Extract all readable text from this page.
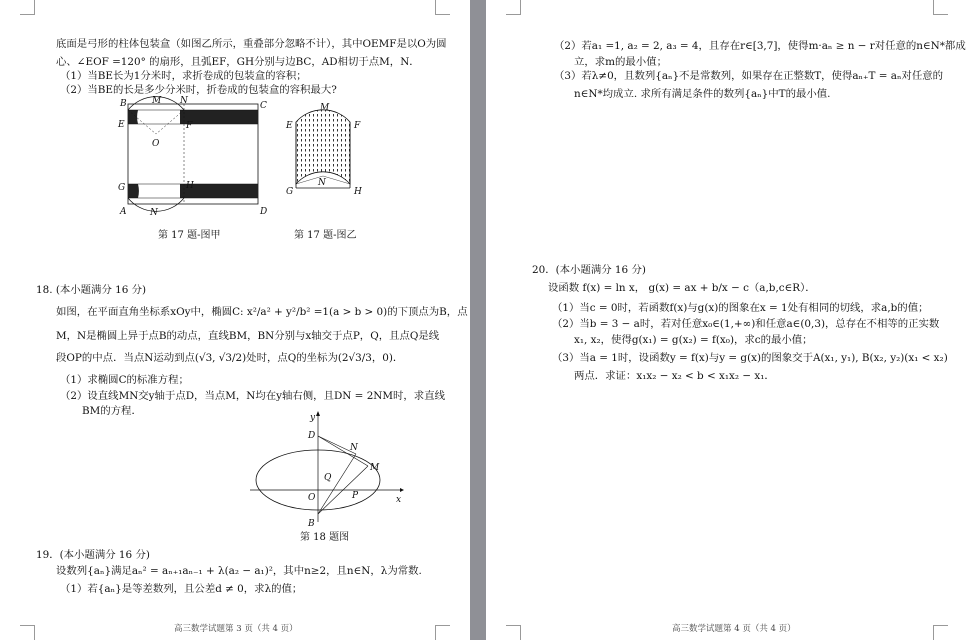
底面是弓形的柱体包装盒（如图乙所示，重叠部分忽略不计），其中OEMF是以O为圆
心、∠EOF =120° 的扇形，且弧EF，GH分别与边BC，AD相切于点M，N．
（1）当BE长为1分米时，求折卷成的包装盒的容积；
（2）当BE的长是多少分米时，折卷成的包装盒的容积最大?
B	M N	C
E	F
O
G	H
A	N	D
第 17 题-图甲
M
E	F
N
G	H
第 17 题-图乙
18. (本小题满分 16 分)
如图，在平面直角坐标系xOy中，椭圆C: x²/a² + y²/b² =1(a > b > 0)的下顶点为B，点
M，N是椭圆上异于点B的动点，直线BM，BN分别与x轴交于点P，Q，且点Q是线
段OP的中点．当点N运动到点(√3, √3/2)处时，点Q的坐标为(2√3/3，0)．
（1）求椭圆C的标准方程；
（2）设直线MN交y轴于点D，当点M，N均在y轴右侧，且DN = 2NM时，求直线
BM的方程．
y
D
N
M
Q
O	P	x
B
第 18 题图
19．(本小题满分 16 分)
设数列{aₙ}满足aₙ² = aₙ₊₁aₙ₋₁ + λ(a₂ − a₁)²，其中n≥2，且n∈N，λ为常数.
（1）若{aₙ}是等差数列，且公差d ≠ 0，求λ的值；
高三数学试题第 3 页（共 4 页）
（2）若a₁ =1, a₂ = 2, a₃ = 4，且存在r∈[3,7]，使得m·aₙ ≥ n − r对任意的n∈N*都成
立，求m的最小值；
（3）若λ≠0，且数列{aₙ}不是常数列，如果存在正整数T，使得aₙ₊T = aₙ对任意的
n∈N*均成立. 求所有满足条件的数列{aₙ}中T的最小值.
20．(本小题满分 16 分)
设函数 f(x) = ln x， g(x) = ax + b/x − c（a,b,c∈R）．
（1）当c = 0时，若函数f(x)与g(x)的图象在x = 1处有相同的切线，求a,b的值；
（2）当b = 3 − a时，若对任意x₀∈(1,+∞)和任意a∈(0,3)，总存在不相等的正实数
x₁, x₂，使得g(x₁) = g(x₂) = f(x₀)，求c的最小值；
（3）当a = 1时，设函数y = f(x)与y = g(x)的图象交于A(x₁, y₁), B(x₂, y₂)(x₁ < x₂)
两点．求证：x₁x₂ − x₂ < b < x₁x₂ − x₁．
高三数学试题第 4 页（共 4 页）
